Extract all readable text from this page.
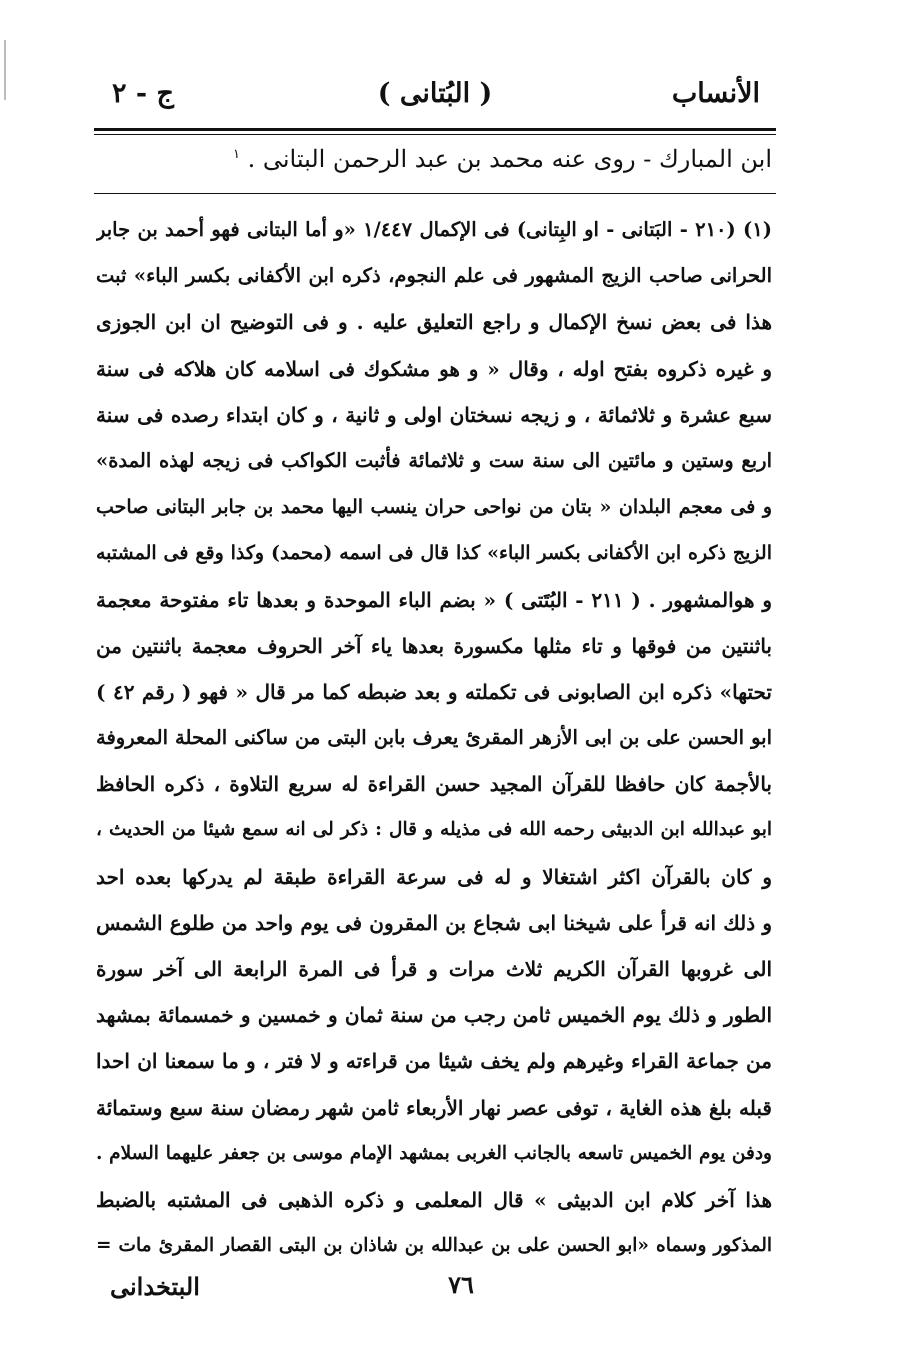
الأنساب
( البُتانى )
ج - ٢
ابن المبارك - روى عنه محمد بن عبد الرحمن البتانى . $^١$
(١) (٢١٠ - البَتانى - او البِتانى) فى الإكمال ١/٤٤٧ «و أما البتانى فهو أحمد بن جابر
الحرانى صاحب الزيج المشهور فى علم النجوم، ذكره ابن الأكفانى بكسر الباء» ثبت
هذا فى بعض نسخ الإكمال و راجع التعليق عليه . و فى التوضيح ان ابن الجوزى
و غيره ذكروه بفتح اوله ، وقال « و هو مشكوك فى اسلامه كان هلاكه فى سنة
سبع عشرة و ثلاثمائة ، و زيجه نسختان اولى و ثانية ، و كان ابتداء رصده فى سنة
اربع وستين و مائتين الى سنة ست و ثلاثمائة فأثبت الكواكب فى زيجه لهذه المدة»
و فى معجم البلدان « بتان من نواحى حران ينسب اليها محمد بن جابر البتانى صاحب
الزيج ذكره ابن الأكفانى بكسر الباء» كذا قال فى اسمه (محمد) وكذا وقع فى المشتبه
و هوالمشهور . ( ٢١١ - البُتَتى ) « بضم الباء الموحدة و بعدها تاء مفتوحة معجمة
باثنتين من فوقها و تاء مثلها مكسورة بعدها ياء آخر الحروف معجمة باثنتين من
تحتها» ذكره ابن الصابونى فى تكملته و بعد ضبطه كما مر قال « فهو ( رقم ٤٢ )
ابو الحسن على بن ابى الأزهر المقرئ يعرف بابن البتى من ساكنى المحلة المعروفة
بالأجمة كان حافظا للقرآن المجيد حسن القراءة له سريع التلاوة ، ذكره الحافظ
ابو عبدالله ابن الدبيثى رحمه الله فى مذيله و قال : ذكر لى انه سمع شيئا من الحديث ،
و كان بالقرآن اكثر اشتغالا و له فى سرعة القراءة طبقة لم يدركها بعده احد
و ذلك انه قرأ على شيخنا ابى شجاع بن المقرون فى يوم واحد من طلوع الشمس
الى غروبها القرآن الكريم ثلاث مرات و قرأ فى المرة الرابعة الى آخر سورة
الطور و ذلك يوم الخميس ثامن رجب من سنة ثمان و خمسين و خمسمائة بمشهد
من جماعة القراء وغيرهم ولم يخف شيئا من قراءته و لا فتر ، و ما سمعنا ان احدا
قبله بلغ هذه الغاية ، توفى عصر نهار الأربعاء ثامن شهر رمضان سنة سبع وستمائة
ودفن يوم الخميس تاسعه بالجانب الغربى بمشهد الإمام موسى بن جعفر عليهما السلام .
هذا آخر كلام ابن الدبيثى » قال المعلمى و ذكره الذهبى فى المشتبه بالضبط
المذكور وسماه «ابو الحسن على بن عبدالله بن شاذان بن البتى القصار المقرئ مات =
٧٦
البتخدانى
